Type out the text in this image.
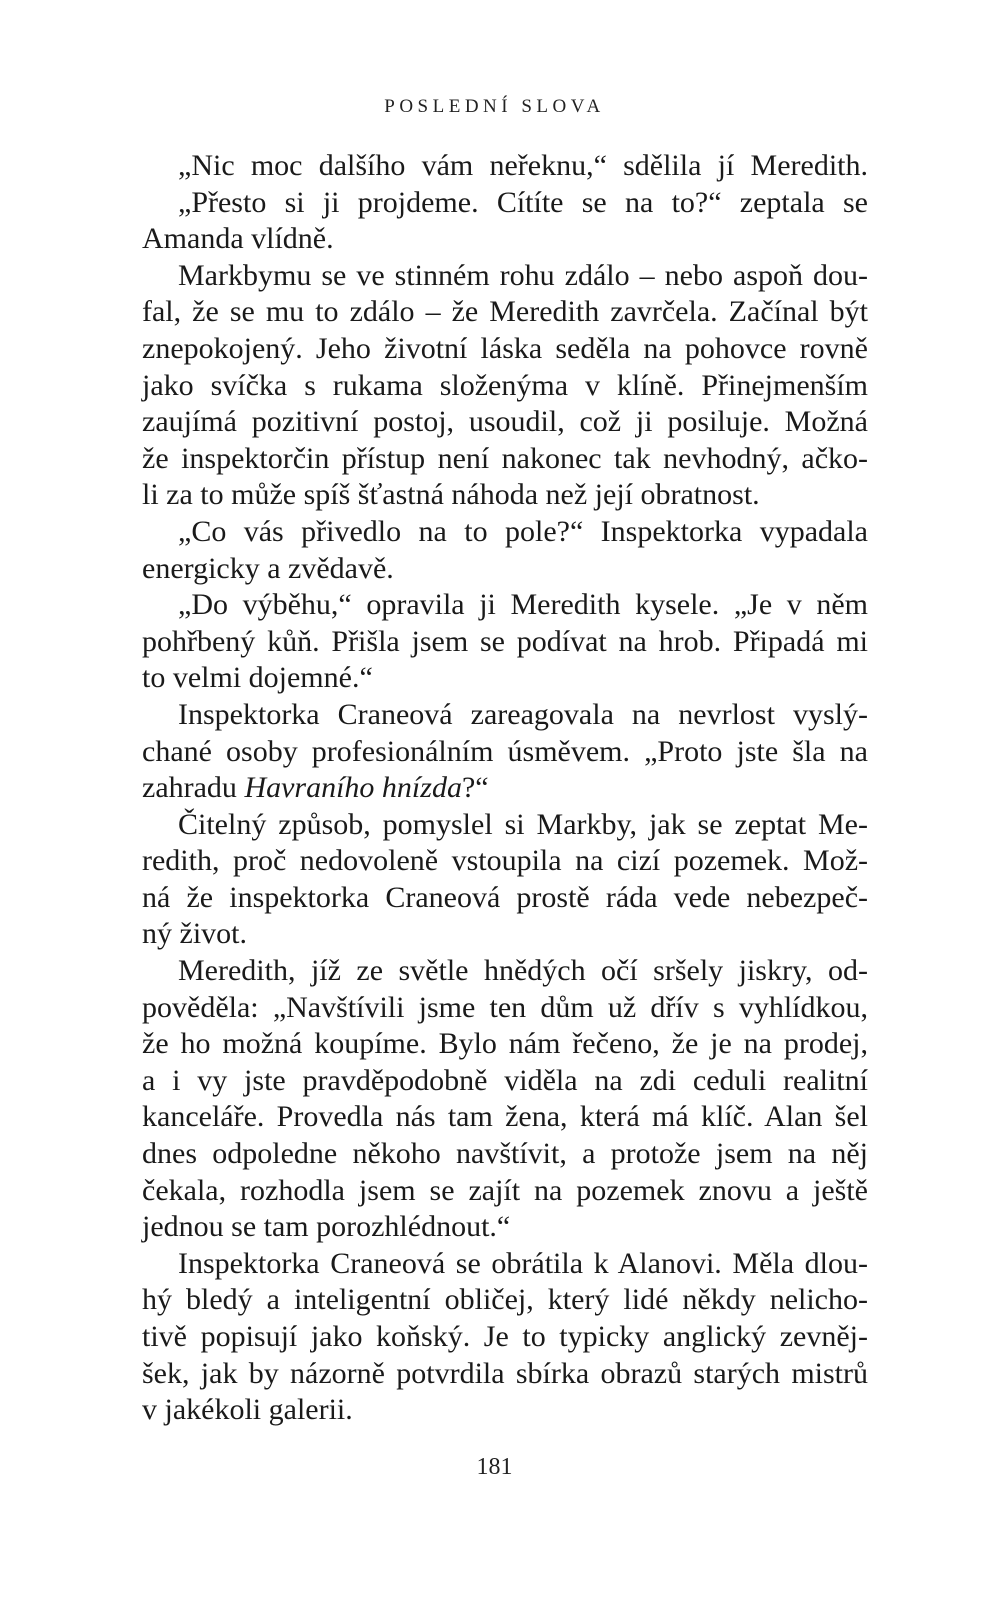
POSLEDNÍ SLOVA
„Nic moc dalšího vám neřeknu,“ sdělila jí Meredith.
„Přesto si ji projdeme. Cítíte se na to?“ zeptala se
Amanda vlídně.
Markbymu se ve stinném rohu zdálo – nebo aspoň dou-
fal, že se mu to zdálo – že Meredith zavrčela. Začínal být
znepokojený. Jeho životní láska seděla na pohovce rovně
jako svíčka s rukama složenýma v klíně. Přinejmenším
zaujímá pozitivní postoj, usoudil, což ji posiluje. Možná
že inspektorčin přístup není nakonec tak nevhodný, ačko-
li za to může spíš šťastná náhoda než její obratnost.
„Co vás přivedlo na to pole?“ Inspektorka vypadala
energicky a zvědavě.
„Do výběhu,“ opravila ji Meredith kysele. „Je v něm
pohřbený kůň. Přišla jsem se podívat na hrob. Připadá mi
to velmi dojemné.“
Inspektorka Craneová zareagovala na nevrlost vyslý-
chané osoby profesionálním úsměvem. „Proto jste šla na
zahradu Havraního hnízda?“
Čitelný způsob, pomyslel si Markby, jak se zeptat Me-
redith, proč nedovoleně vstoupila na cizí pozemek. Mož-
ná že inspektorka Craneová prostě ráda vede nebezpeč-
ný život.
Meredith, jíž ze světle hnědých očí sršely jiskry, od-
pověděla: „Navštívili jsme ten dům už dřív s vyhlídkou,
že ho možná koupíme. Bylo nám řečeno, že je na prodej,
a i vy jste pravděpodobně viděla na zdi ceduli realitní
kanceláře. Provedla nás tam žena, která má klíč. Alan šel
dnes odpoledne někoho navštívit, a protože jsem na něj
čekala, rozhodla jsem se zajít na pozemek znovu a ještě
jednou se tam porozhlédnout.“
Inspektorka Craneová se obrátila k Alanovi. Měla dlou-
hý bledý a inteligentní obličej, který lidé někdy nelicho-
tivě popisují jako koňský. Je to typicky anglický zevněj-
šek, jak by názorně potvrdila sbírka obrazů starých mistrů
v jakékoli galerii.
181
